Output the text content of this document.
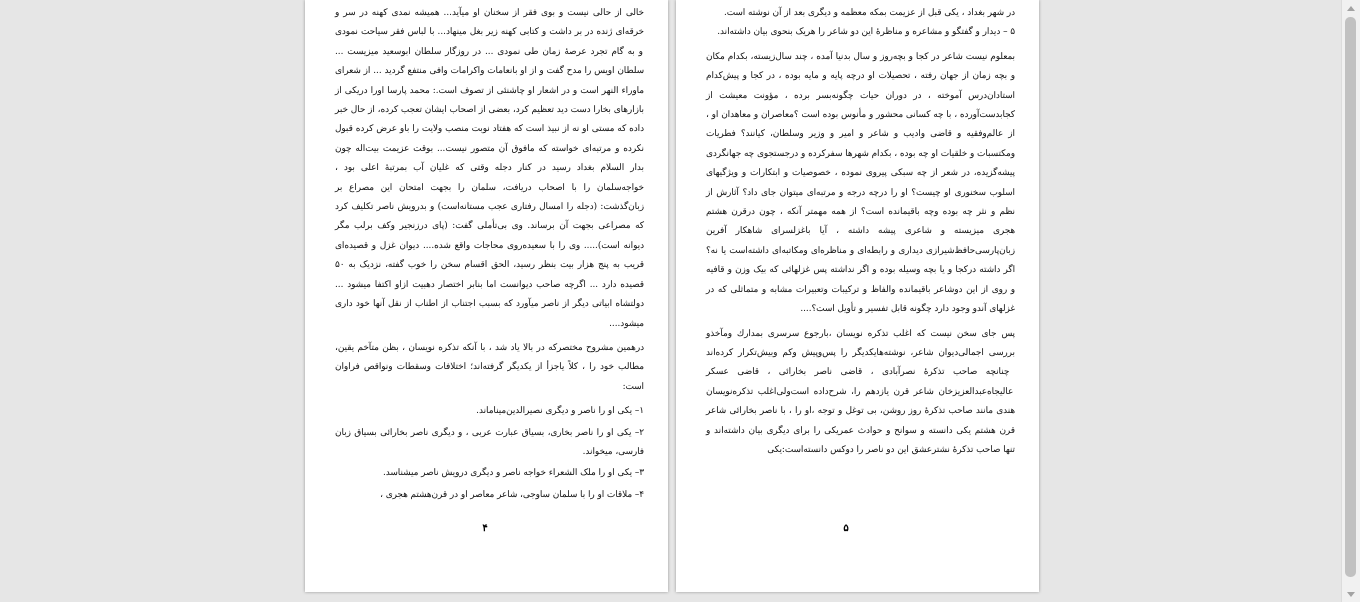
خالی از حالی نیست و بوی فقر از سخنان او میآید... همیشه نمدی کهنه در سر و خرقه‌ای ژنده در بر داشت و کتابی کهنه زیر بغل مینهاد... با لباس فقر سیاحت نمودی و به گام تجرد عرصهٔ زمان طی نمودی ... در روزگار سلطان ابوسعید میزیست ... سلطان اویس را مدح گفت و از او بانعامات واکرامات وافی منتفع گردید ... از شعرای ماوراء النهر است و در اشعار او چاشنئی از تصوف است.: محمد پارسا اورا دریکی از بازارهای بخارا دست دید تعظیم کرد، بعضی از اصحاب ایشان تعجب کرده، از حال خبر داده که مستی او نه از نبیذ است که هفتاد نوبت منصب ولایت را باو عرض کرده قبول نکرده و مرتبه‌ای خواسته که مافوق آن متصور نیست... بوقت عزیمت بیت‌اله چون بدار السلام بغداد رسید در کنار دجله وقتی که غلیان آب بمرتبهٔ اعلی بود ، خواجه‌سلمان را با اصحاب دریافت، سلمان را بجهت امتحان این مصراع بر زبان‌گذشت: (دجله را امسال رفتاری عجب مستانه‌است) و بدرویش ناصر تکلیف کرد که مصراعی بجهت آن برساند. وی بی‌تأملی گفت: (پای درزنجیر وکف برلب مگر دیوانه است)..... وی را با سعیده‌روی محاجات واقع شده.... دیوان غزل و قصیده‌ای قریب به پنج هزار بیت بنظر رسید، الحق اقسام سخن را خوب گفته، نزدیک به ۵۰ قصیده دارد ... اگرچه صاحب دیوانست اما بنابر اختصار دهبیت ازاو اکتفا میشود ... دولتشاه ابیاتی دیگر از ناصر میآورد که بسبب اجتناب از اطناب از نقل آنها خود داری میشود....

درهمین مشروح مختصرکه در بالا یاد شد ، با آنکه تذکره نویسان ، بظن متآخم یقین، مطالب خود را ، کلاً یاجزأ از یکدیگر گرفته‌اند؛ اختلافات وسقطات ونواقص فراوان است:

۱– یکی او را ناصر و دیگری نصیرالدین‌میناماند.

۲– یکی او را ناصر بخاری، بسیاق عبارت عربی ، و دیگری ناصر بخارائی بسیاق زبان فارسی، میخواند.

۳– یکی او را ملک الشعراء خواجه ناصر و دیگری درویش ناصر میشناسد.

۴– ملاقات او را با سلمان ساوجی، شاعر معاصر او در قرن‌هشتم هجری ،

۴

در شهر بغداد ، یکی قبل از عزیمت بمکه معظمه و دیگری بعد از آن نوشته است.
۵ – دیدار و گفتگو و مشاعره و مناظرهٔ این دو شاعر را هریک بنحوی بیان داشته‌اند.

بمعلوم نیست شاعر در کجا و بچه‌روز و سال بدنیا آمده ، چند سال‌زیسته، بکدام مکان و بچه زمان از جهان رفته ، تحصیلات او درچه پایه و مایه بوده ، در کجا و پیش‌کدام استادان‌درس آموخته ، در دوران حیات چگونه‌بسر برده ، مؤونت معیشت از کجابدست‌آورده ، با چه کسانی محشور و مأنوس بوده است ؟معاصران و معاهدان او ، از عالم‌وفقیه و قاضی وادیب و شاعر و امیر و وزیر وسلطان، کیانند؟ فطریات ومکتسبات و خلقیات او چه بوده ، بکدام شهرها سفرکرده و درجستجوی چه جهانگردی پیشه‌گزیده، در شعر از چه سبکی پیروی نموده ، خصوصیات و ابتکارات و ویژگیهای اسلوب سخنوری او چیست؟ او را درچه درجه و مرتبه‌ای میتوان جای داد؟ آثارش از نظم و نثر چه بوده وچه باقیمانده است؟ از همه مهمتر آنکه ، چون درقرن هشتم هجری میزیسته و شاعری پیشه داشته ، آیا باغزلسرای شاهکار آفرین زبان‌پارسی‌حافظ‌شیرازی دیداری و رابطه‌ای و مناظره‌ای ومکاتبه‌ای داشته‌است یا نه؟ اگر داشته درکجا و یا بچه وسیله بوده و اگر نداشته پس غزلهائی که بیک وزن و قافیه و روی از این دوشاعر باقیمانده والفاظ و ترکیبات وتعبیرات مشابه و متماثلی که در غزلهای آندو وجود دارد چگونه قابل تفسیر و تأویل است؟....

پس جای سخن نیست که اغلب تذکره نویسان ،بارجوع سرسری بمدارك ومآخذو بررسی اجمالی‌دیوان شاعر، نوشته‌هایکدیگر را پس‌وپیش وکم وبیش‌تکرار کرده‌اند چنانچه صاحب تذکرهٔ نصرآبادی ، قاضی ناصر بخارائی ، قاضی عسکر عالیجاه‌عبدالعزیزخان شاعر قرن یازدهم را، شرح‌داده است‌ولی‌اغلب تذکره‌نویسان هندی مانند صاحب تذکرهٔ روز روشن، بی توغل و توجه ،او را ، با ناصر بخارائی شاعر قرن هشتم یکی دانسته و سوانح و حوادث عمریکی را برای دیگری بیان داشته‌اند و تنها صاحب تذکرهٔ نشترعشق این دو ناصر را دوکس دانسته‌است:یکی

۵
